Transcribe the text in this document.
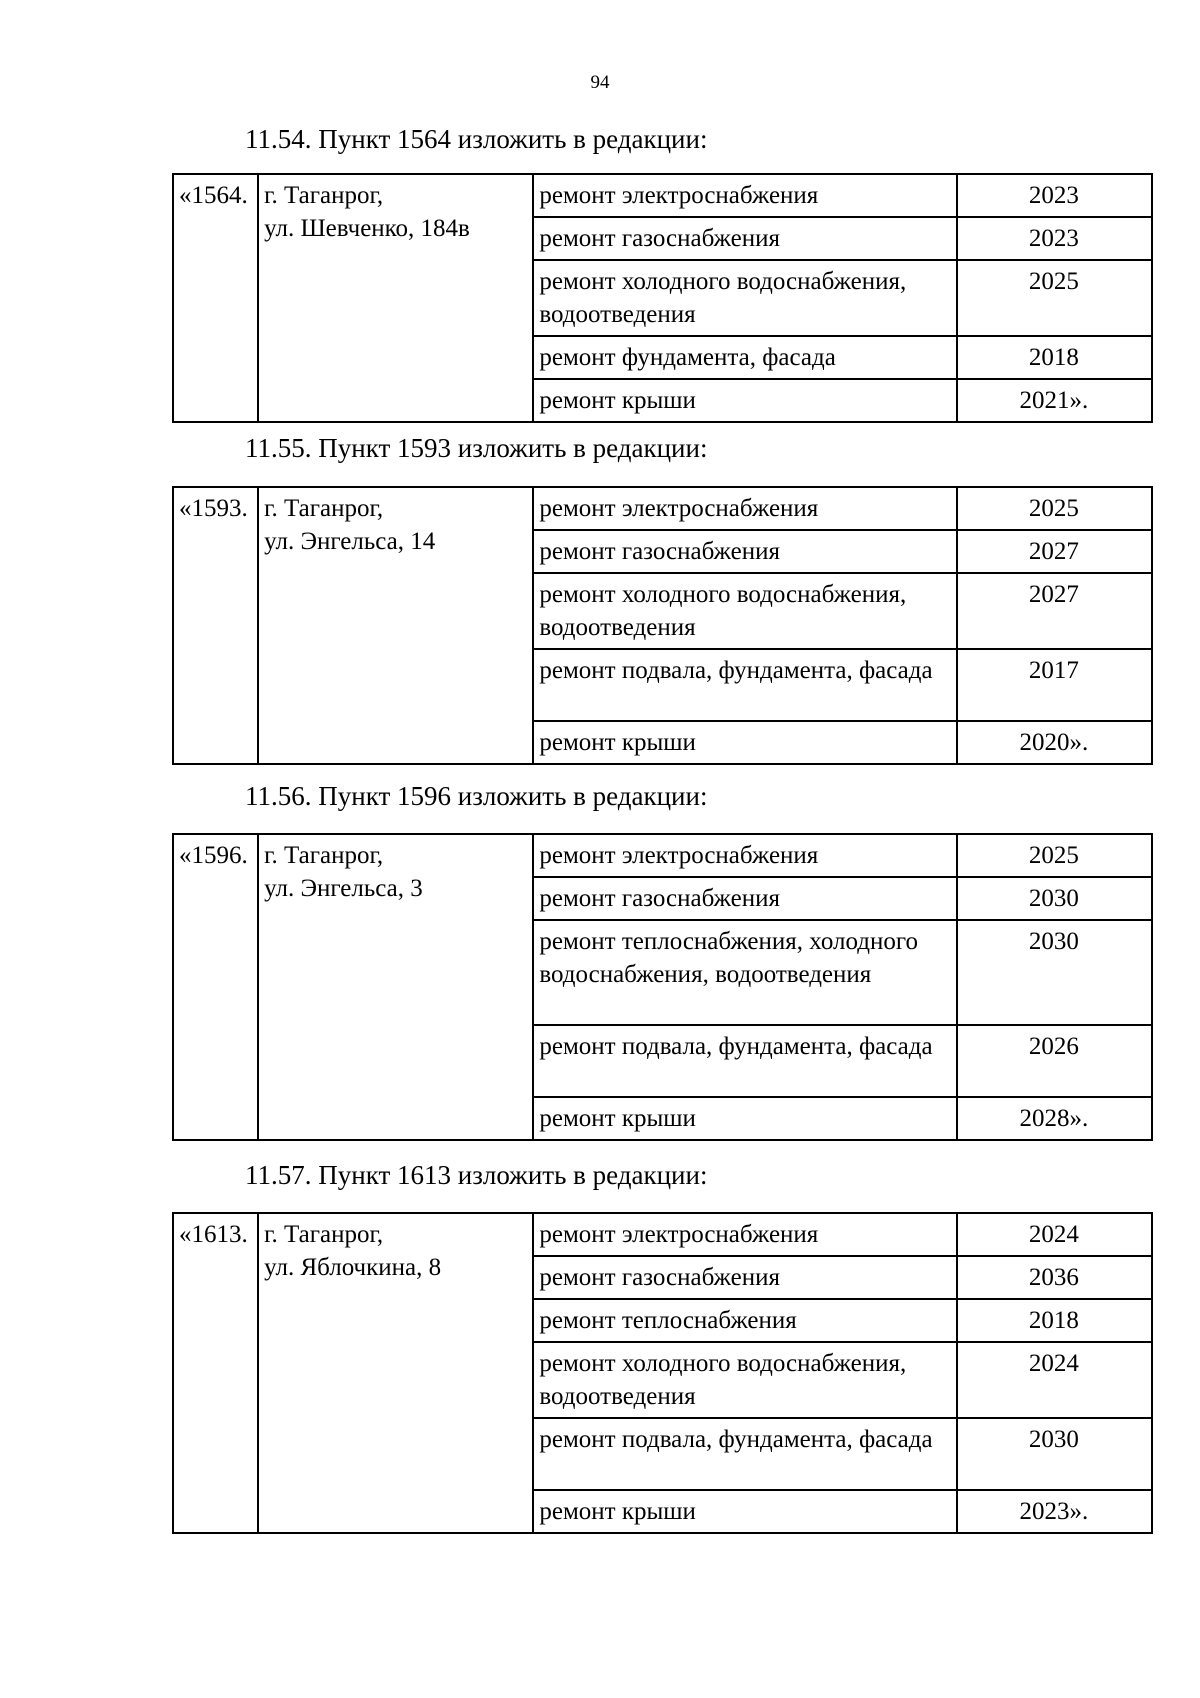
94
11.54. Пункт 1564 изложить в редакции:
«1564.	г. Таганрог,
ул. Шевченко, 184в	ремонт электроснабжения	2023
		ремонт газоснабжения	2023
		ремонт холодного водоснабжения, водоотведения	2025
		ремонт фундамента, фасада	2018
		ремонт крыши	2021».
11.55. Пункт 1593 изложить в редакции:
«1593.	г. Таганрог,
ул. Энгельса, 14	ремонт электроснабжения	2025
		ремонт газоснабжения	2027
		ремонт холодного водоснабжения, водоотведения	2027
		ремонт подвала, фундамента, фасада	2017
		ремонт крыши	2020».
11.56. Пункт 1596 изложить в редакции:
«1596.	г. Таганрог,
ул. Энгельса, 3	ремонт электроснабжения	2025
		ремонт газоснабжения	2030
		ремонт теплоснабжения, холодного водоснабжения, водоотведения	2030
		ремонт подвала, фундамента, фасада	2026
		ремонт крыши	2028».
11.57. Пункт 1613 изложить в редакции:
«1613.	г. Таганрог,
ул. Яблочкина, 8	ремонт электроснабжения	2024
		ремонт газоснабжения	2036
		ремонт теплоснабжения	2018
		ремонт холодного водоснабжения, водоотведения	2024
		ремонт подвала, фундамента, фасада	2030
		ремонт крыши	2023».
